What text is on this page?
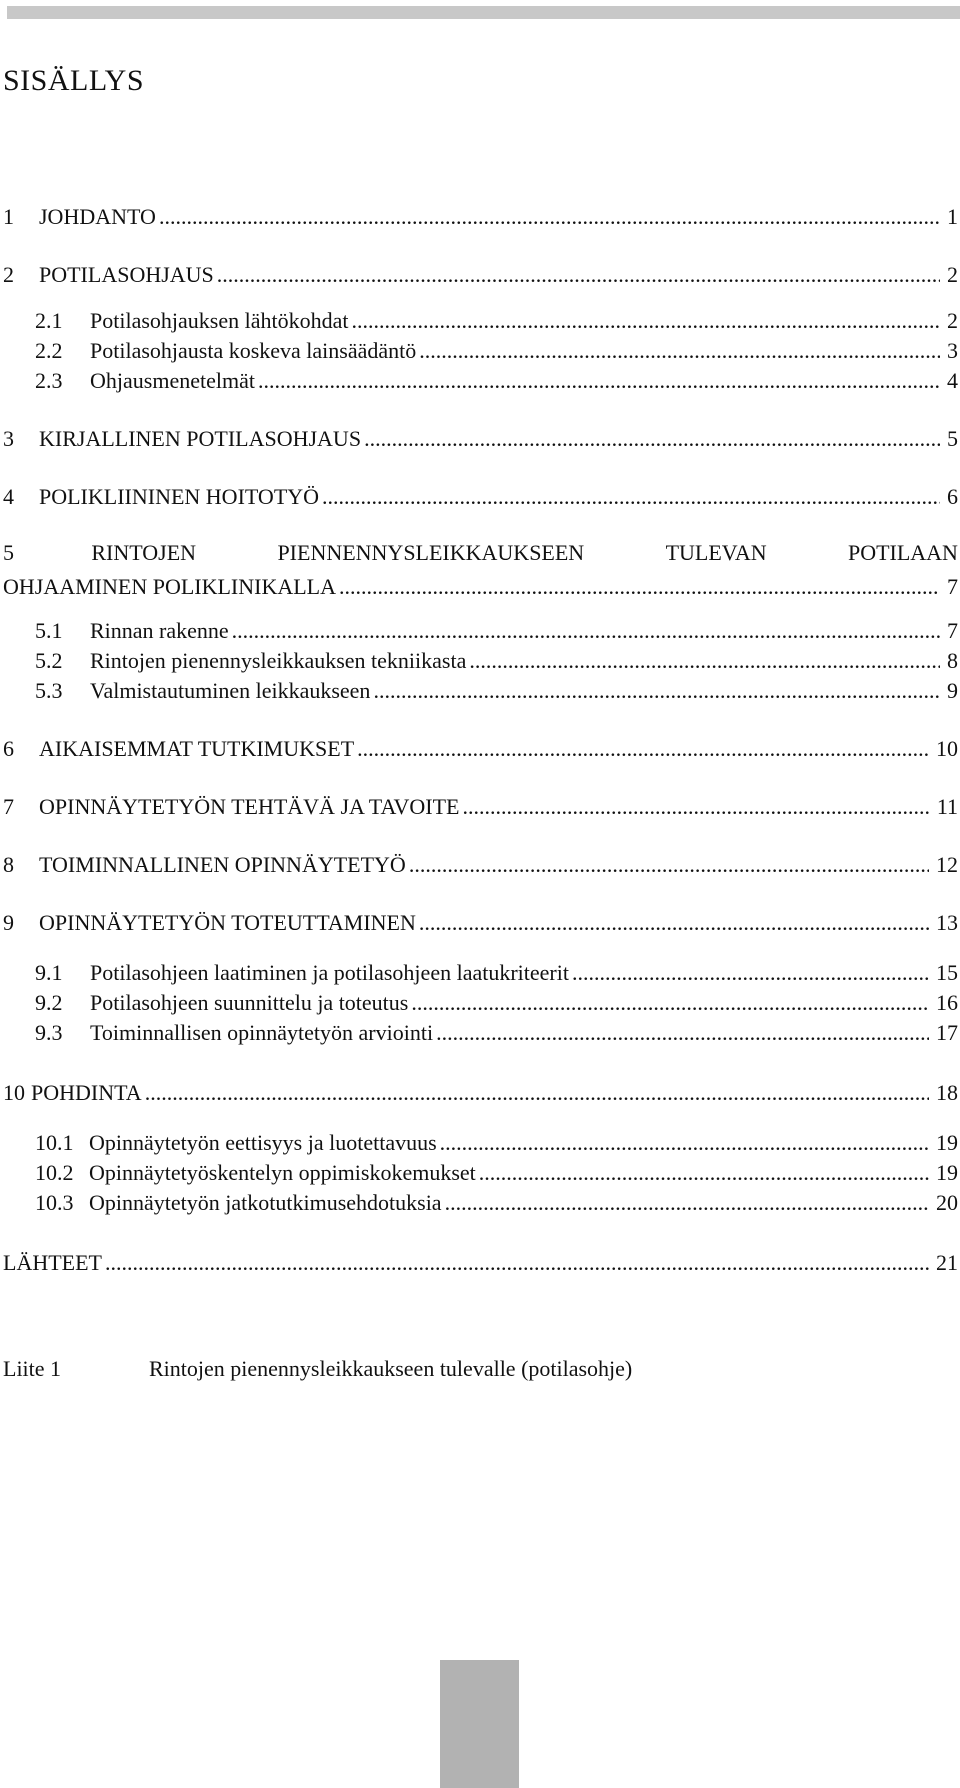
SISÄLLYS
1	JOHDANTO .....	1
2	POTILASOHJAUS .....	2
2.1	Potilasohjauksen lähtökohdat .....	2
2.2	Potilasohjausta koskeva lainsäädäntö .....	3
2.3	Ohjausmenetelmät .....	4
3	KIRJALLINEN POTILASOHJAUS .....	5
4	POLIKLIININEN HOITOTYÖ .....	6
5	RINTOJEN	PIENNENNYSLEIKKAUKSEEN	TULEVAN	POTILAAN
OHJAAMINEN POLIKLINIKALLA .....	7
5.1	Rinnan rakenne .....	7
5.2	Rintojen pienennysleikkauksen tekniikasta .....	8
5.3	Valmistautuminen leikkaukseen .....	9
6	AIKAISEMMAT TUTKIMUKSET .....	10
7	OPINNÄYTETYÖN TEHTÄVÄ JA TAVOITE .....	11
8	TOIMINNALLINEN OPINNÄYTETYÖ .....	12
9	OPINNÄYTETYÖN TOTEUTTAMINEN .....	13
9.1	Potilasohjeen laatiminen ja potilasohjeen laatukriteerit .....	15
9.2	Potilasohjeen suunnittelu ja toteutus .....	16
9.3	Toiminnallisen opinnäytetyön arviointi .....	17
10 POHDINTA .....	18
10.1 Opinnäytetyön eettisyys ja luotettavuus .....	19
10.2 Opinnäytetyöskentelyn oppimiskokemukset .....	19
10.3 Opinnäytetyön jatkotutkimusehdotuksia .....	20
LÄHTEET .....	21
Liite 1	Rintojen pienennysleikkaukseen tulevalle (potilasohje)
